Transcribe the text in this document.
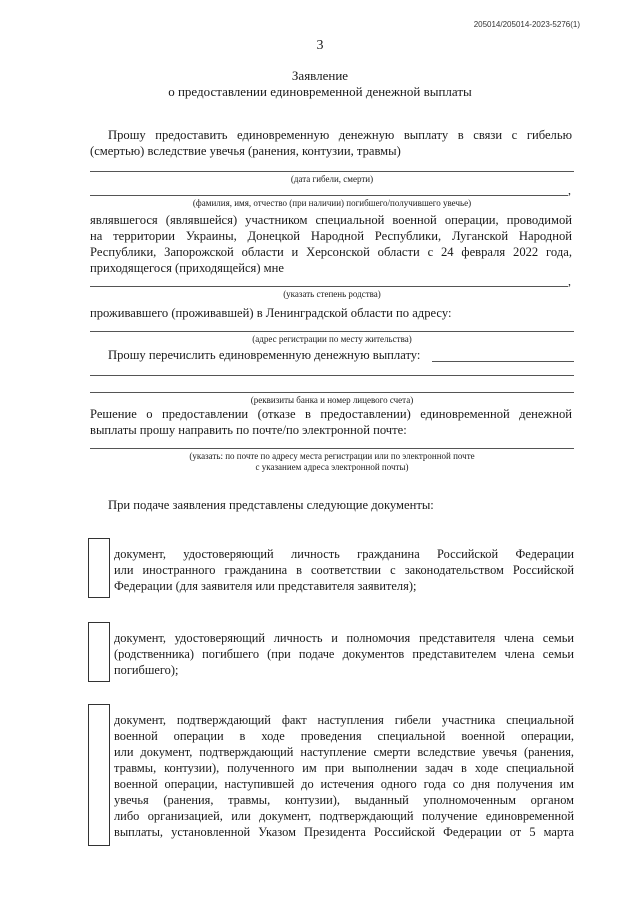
205014/205014-2023-5276(1)
3
Заявление
о предоставлении единовременной денежной выплаты
Прошу предоставить единовременную денежную выплату в связи с гибелью
(смертью) вследствие увечья (ранения, контузии, травмы)
(дата гибели, смерти)
,
(фамилия, имя, отчество (при наличии) погибшего/получившего увечье)
являвшегося (являвшейся) участником специальной военной операции, проводимой
на территории Украины, Донецкой Народной Республики, Луганской Народной
Республики, Запорожской области и Херсонской области с 24 февраля 2022 года,
приходящегося (приходящейся) мне
,
(указать степень родства)
проживавшего (проживавшей) в Ленинградской области по адресу:
(адрес регистрации по месту жительства)
Прошу перечислить единовременную денежную выплату:
(реквизиты банка и номер лицевого счета)
Решение о предоставлении (отказе в предоставлении) единовременной денежной
выплаты прошу направить по почте/по электронной почте:
(указать: по почте по адресу места регистрации или по электронной почте
с указанием адреса электронной почты)
При подаче заявления представлены следующие документы:
документ, удостоверяющий личность гражданина Российской Федерации
или иностранного гражданина в соответствии с законодательством Российской
Федерации (для заявителя или представителя заявителя);
документ, удостоверяющий личность и полномочия представителя члена семьи
(родственника) погибшего (при подаче документов представителем члена семьи
погибшего);
документ, подтверждающий факт наступления гибели участника специальной
военной операции в ходе проведения специальной военной операции,
или документ, подтверждающий наступление смерти вследствие увечья (ранения,
травмы, контузии), полученного им при выполнении задач в ходе специальной
военной операции, наступившей до истечения одного года со дня получения им
увечья (ранения, травмы, контузии), выданный уполномоченным органом
либо организацией, или документ, подтверждающий получение единовременной
выплаты, установленной Указом Президента Российской Федерации от 5 марта
